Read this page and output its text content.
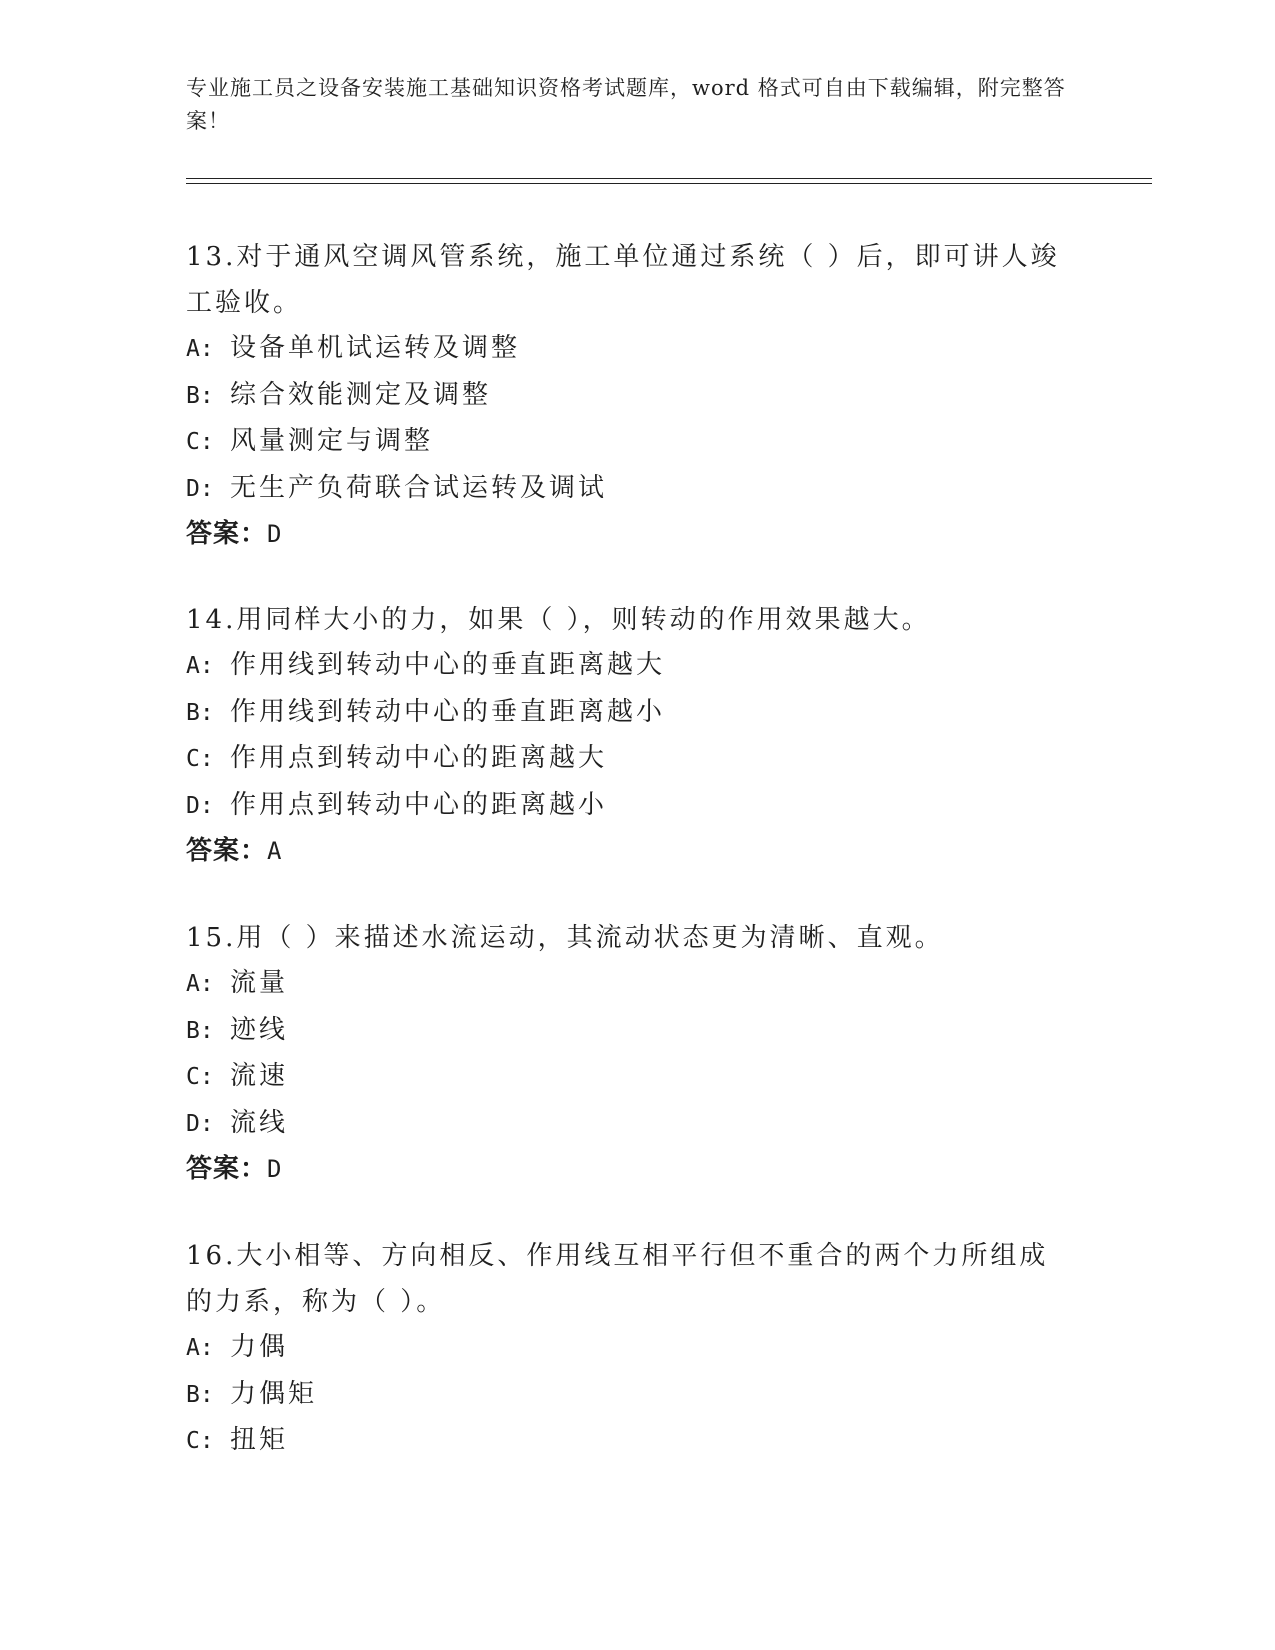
专业施工员之设备安装施工基础知识资格考试题库，word 格式可自由下载编辑，附完整答案！
13.对于通风空调风管系统，施工单位通过系统（ ）后，即可讲人竣工验收。
A: 设备单机试运转及调整
B: 综合效能测定及调整
C: 风量测定与调整
D: 无生产负荷联合试运转及调试
答案：D
14.用同样大小的力，如果（ ），则转动的作用效果越大。
A: 作用线到转动中心的垂直距离越大
B: 作用线到转动中心的垂直距离越小
C: 作用点到转动中心的距离越大
D: 作用点到转动中心的距离越小
答案：A
15.用（ ）来描述水流运动，其流动状态更为清晰、直观。
A: 流量
B: 迹线
C: 流速
D: 流线
答案：D
16.大小相等、方向相反、作用线互相平行但不重合的两个力所组成的力系，称为（ ）。
A: 力偶
B: 力偶矩
C: 扭矩
